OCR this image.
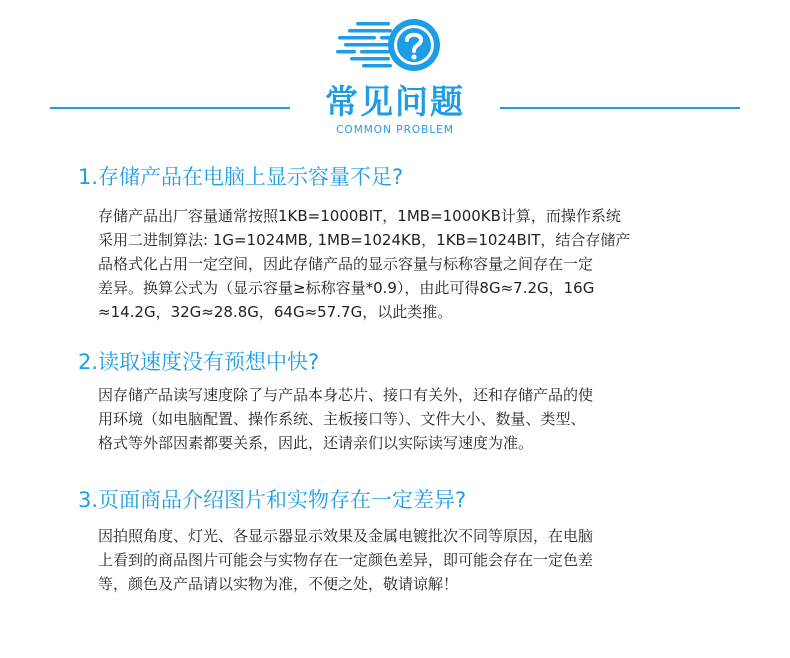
常见问题
COMMON PROBLEM
1.存储产品在电脑上显示容量不足?
存储产品出厂容量通常按照1KB=1000BIT，1MB=1000KB计算，而操作系统
采用二进制算法: 1G=1024MB, 1MB=1024KB，1KB=1024BIT，结合存储产
品格式化占用一定空间，因此存储产品的显示容量与标称容量之间存在一定
差异。换算公式为（显示容量≥标称容量*0.9），由此可得8G≈7.2G，16G
≈14.2G，32G≈28.8G，64G≈57.7G，以此类推。
2.读取速度没有预想中快?
因存储产品读写速度除了与产品本身芯片、接口有关外，还和存储产品的使
用环境（如电脑配置、操作系统、主板接口等）、文件大小、数量、类型、
格式等外部因素都要关系，因此，还请亲们以实际读写速度为准。
3.页面商品介绍图片和实物存在一定差异?
因拍照角度、灯光、各显示器显示效果及金属电镀批次不同等原因，在电脑
上看到的商品图片可能会与实物存在一定颜色差异，即可能会存在一定色差
等，颜色及产品请以实物为准，不便之处，敬请谅解！
